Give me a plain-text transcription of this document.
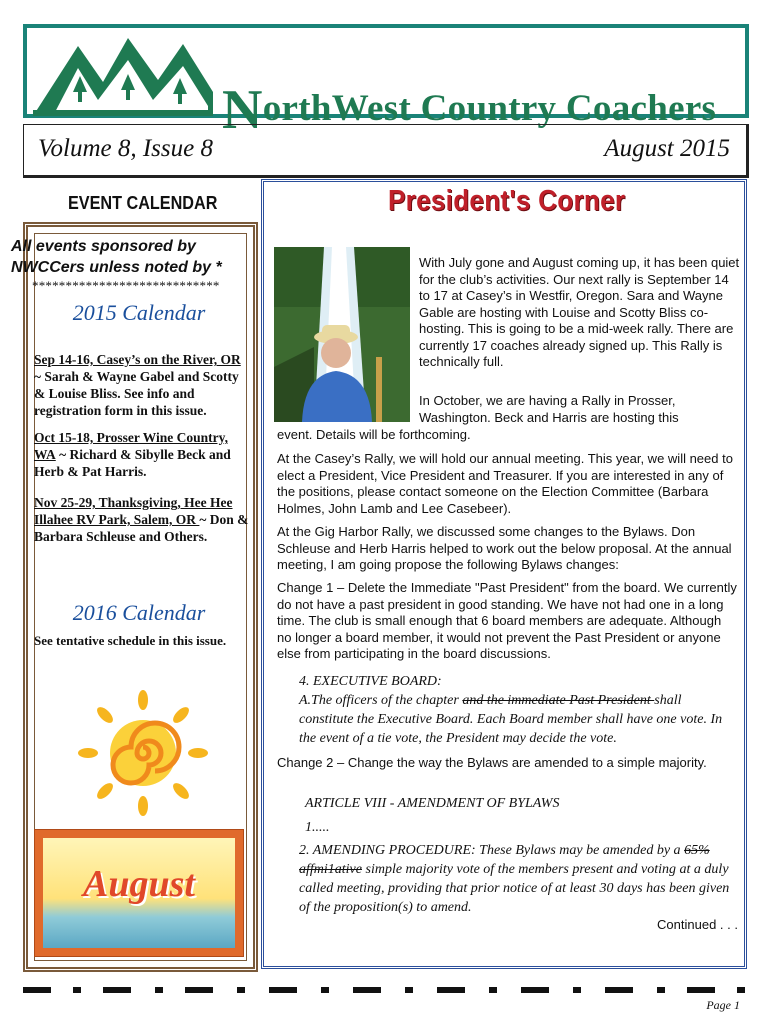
NorthWest Country Coachers
Volume 8, Issue 8	August 2015
EVENT CALENDAR
All events sponsored by NWCCers unless noted by *
****************************
2015 Calendar
Sep 14-16, Casey’s on the River, OR ~ Sarah & Wayne Gabel and Scotty & Louise Bliss. See info and registration form in this issue.
Oct 15-18, Prosser Wine Country, WA ~ Richard & Sibylle Beck and Herb & Pat Harris.
Nov 25-29, Thanksgiving, Hee Hee Illahee RV Park, Salem, OR ~ Don & Barbara Schleuse and Others.
2016 Calendar
See tentative schedule in this issue.
August
President's Corner
With July gone and August coming up, it has been quiet for the club’s activities. Our next rally is September 14 to 17 at Casey’s in Westfir, Oregon. Sara and Wayne Gable are hosting with Louise and Scotty Bliss co-hosting. This is going to be a mid-week rally. There are currently 17 coaches already signed up. This Rally is technically full.
In October, we are having a Rally in Prosser, Washington. Beck and Harris are hosting this
event. Details will be forthcoming.
At the Casey’s Rally, we will hold our annual meeting. This year, we will need to elect a President, Vice President and Treasurer. If you are interested in any of the positions, please contact someone on the Election Committee (Barbara Holmes, John Lamb and Lee Casebeer).
At the Gig Harbor Rally, we discussed some changes to the Bylaws. Don Schleuse and Herb Harris helped to work out the below proposal. At the annual meeting, I am going propose the following Bylaws changes:
Change 1 – Delete the Immediate "Past President" from the board. We currently do not have a past president in good standing. We have not had one in a long time. The club is small enough that 6 board members are adequate. Although no longer a board member, it would not prevent the Past President or anyone else from participating in the board discussions.
4. EXECUTIVE BOARD:
A.The officers of the chapter and the immediate Past President shall constitute the Executive Board. Each Board member shall have one vote. In the event of a tie vote, the President may decide the vote.
Change 2 – Change the way the Bylaws are amended to a simple majority.
ARTICLE VIII - AMENDMENT OF BYLAWS
1.....
2. AMENDING PROCEDURE: These Bylaws may be amended by a 65% affmi1ative simple majority vote of the members present and voting at a duly called meeting, providing that prior notice of at least 30 days has been given of the proposition(s) to amend.
Continued . . .
Page 1
